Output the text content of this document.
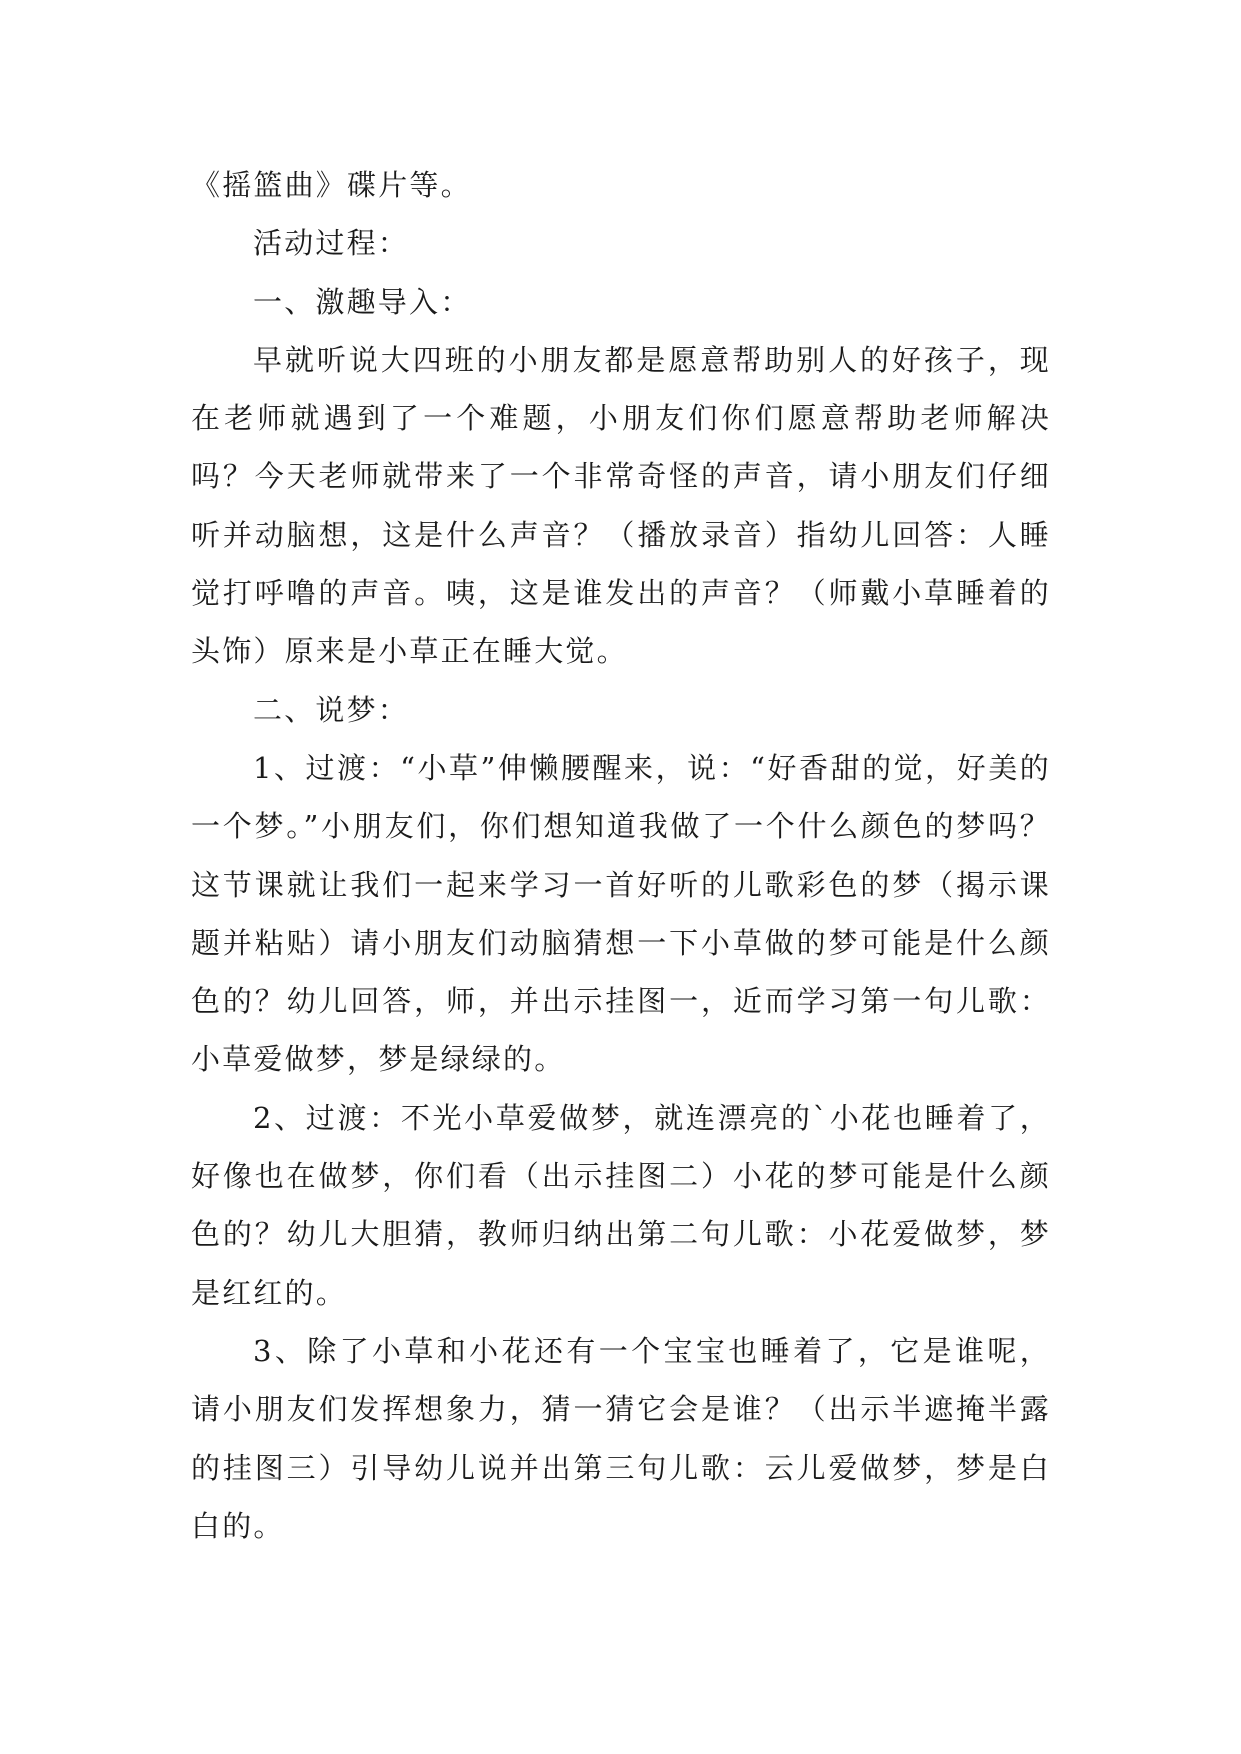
《摇篮曲》碟片等。

活动过程：

一、激趣导入：

早就听说大四班的小朋友都是愿意帮助别人的好孩子，现在老师就遇到了一个难题，小朋友们你们愿意帮助老师解决吗？今天老师就带来了一个非常奇怪的声音，请小朋友们仔细听并动脑想，这是什么声音？（播放录音）指幼儿回答：人睡觉打呼噜的声音。咦，这是谁发出的声音？（师戴小草睡着的头饰）原来是小草正在睡大觉。

二、说梦：

1、过渡：“小草”伸懒腰醒来，说：“好香甜的觉，好美的一个梦。”小朋友们，你们想知道我做了一个什么颜色的梦吗？这节课就让我们一起来学习一首好听的儿歌彩色的梦（揭示课题并粘贴）请小朋友们动脑猜想一下小草做的梦可能是什么颜色的？幼儿回答，师，并出示挂图一，近而学习第一句儿歌：小草爱做梦，梦是绿绿的。

2、过渡：不光小草爱做梦，就连漂亮的`小花也睡着了，好像也在做梦，你们看（出示挂图二）小花的梦可能是什么颜色的？幼儿大胆猜，教师归纳出第二句儿歌：小花爱做梦，梦是红红的。

3、除了小草和小花还有一个宝宝也睡着了，它是谁呢，请小朋友们发挥想象力，猜一猜它会是谁？（出示半遮掩半露的挂图三）引导幼儿说并出第三句儿歌：云儿爱做梦，梦是白白的。
